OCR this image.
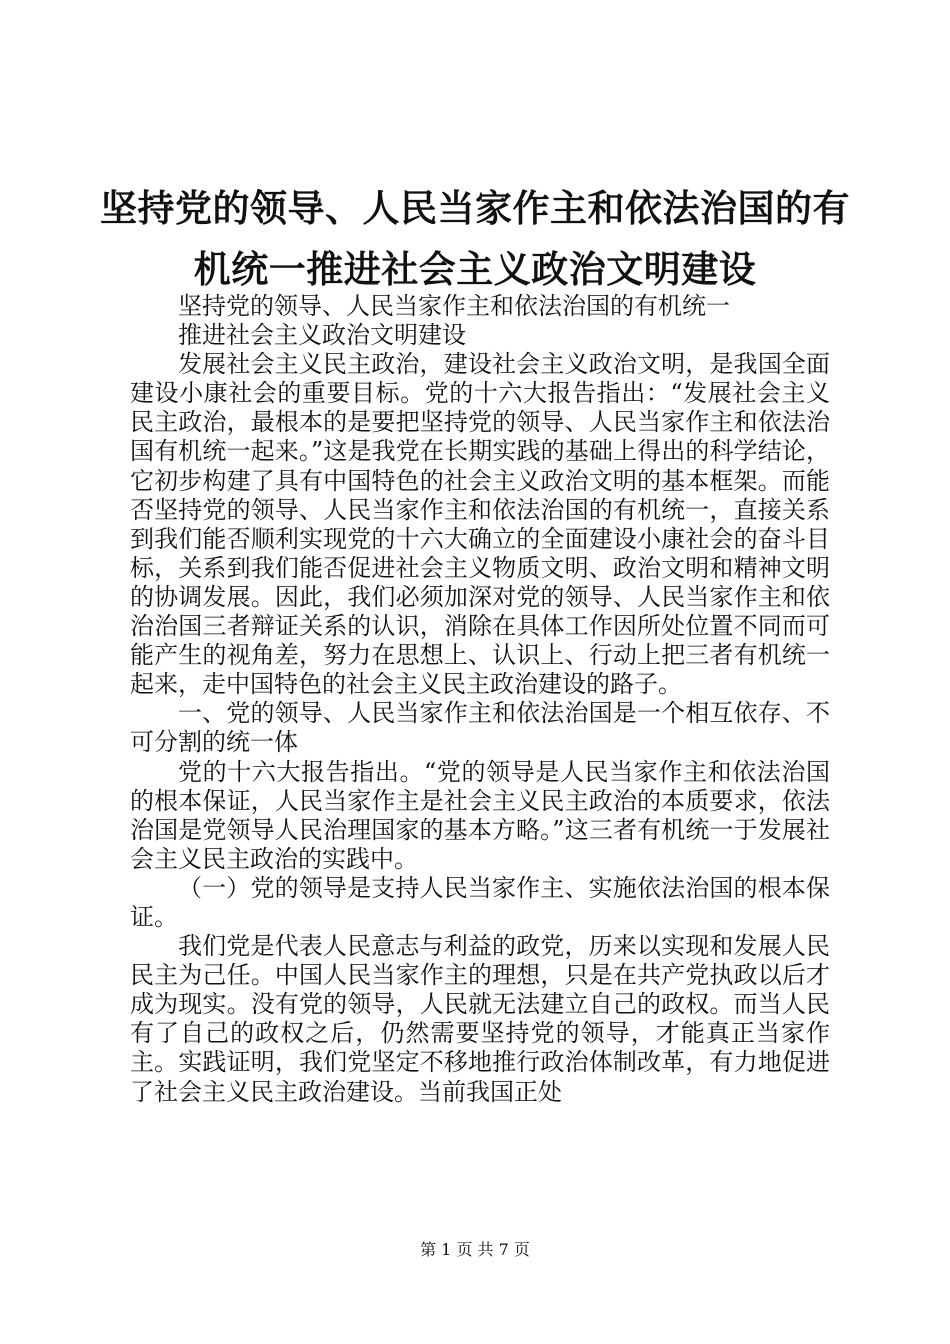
坚持党的领导、人民当家作主和依法治国的有
机统一推进社会主义政治文明建设

坚持党的领导、人民当家作主和依法治国的有机统一

推进社会主义政治文明建设

发展社会主义民主政治，建设社会主义政治文明，是我国全面建设小康社会的重要目标。党的十六大报告指出：“发展社会主义民主政治，最根本的是要把坚持党的领导、人民当家作主和依法治国有机统一起来。”这是我党在长期实践的基础上得出的科学结论，它初步构建了具有中国特色的社会主义政治文明的基本框架。而能否坚持党的领导、人民当家作主和依法治国的有机统一，直接关系到我们能否顺利实现党的十六大确立的全面建设小康社会的奋斗目标，关系到我们能否促进社会主义物质文明、政治文明和精神文明的协调发展。因此，我们必须加深对党的领导、人民当家作主和依治治国三者辩证关系的认识，消除在具体工作因所处位置不同而可能产生的视角差，努力在思想上、认识上、行动上把三者有机统一起来，走中国特色的社会主义民主政治建设的路子。

一、党的领导、人民当家作主和依法治国是一个相互依存、不可分割的统一体

党的十六大报告指出。“党的领导是人民当家作主和依法治国的根本保证，人民当家作主是社会主义民主政治的本质要求，依法治国是党领导人民治理国家的基本方略。”这三者有机统一于发展社会主义民主政治的实践中。

（一）党的领导是支持人民当家作主、实施依法治国的根本保证。

我们党是代表人民意志与利益的政党，历来以实现和发展人民民主为己任。中国人民当家作主的理想，只是在共产党执政以后才成为现实。没有党的领导，人民就无法建立自己的政权。而当人民有了自己的政权之后，仍然需要坚持党的领导，才能真正当家作主。实践证明，我们党坚定不移地推行政治体制改革，有力地促进了社会主义民主政治建设。当前我国正处

第 1 页 共 7 页
